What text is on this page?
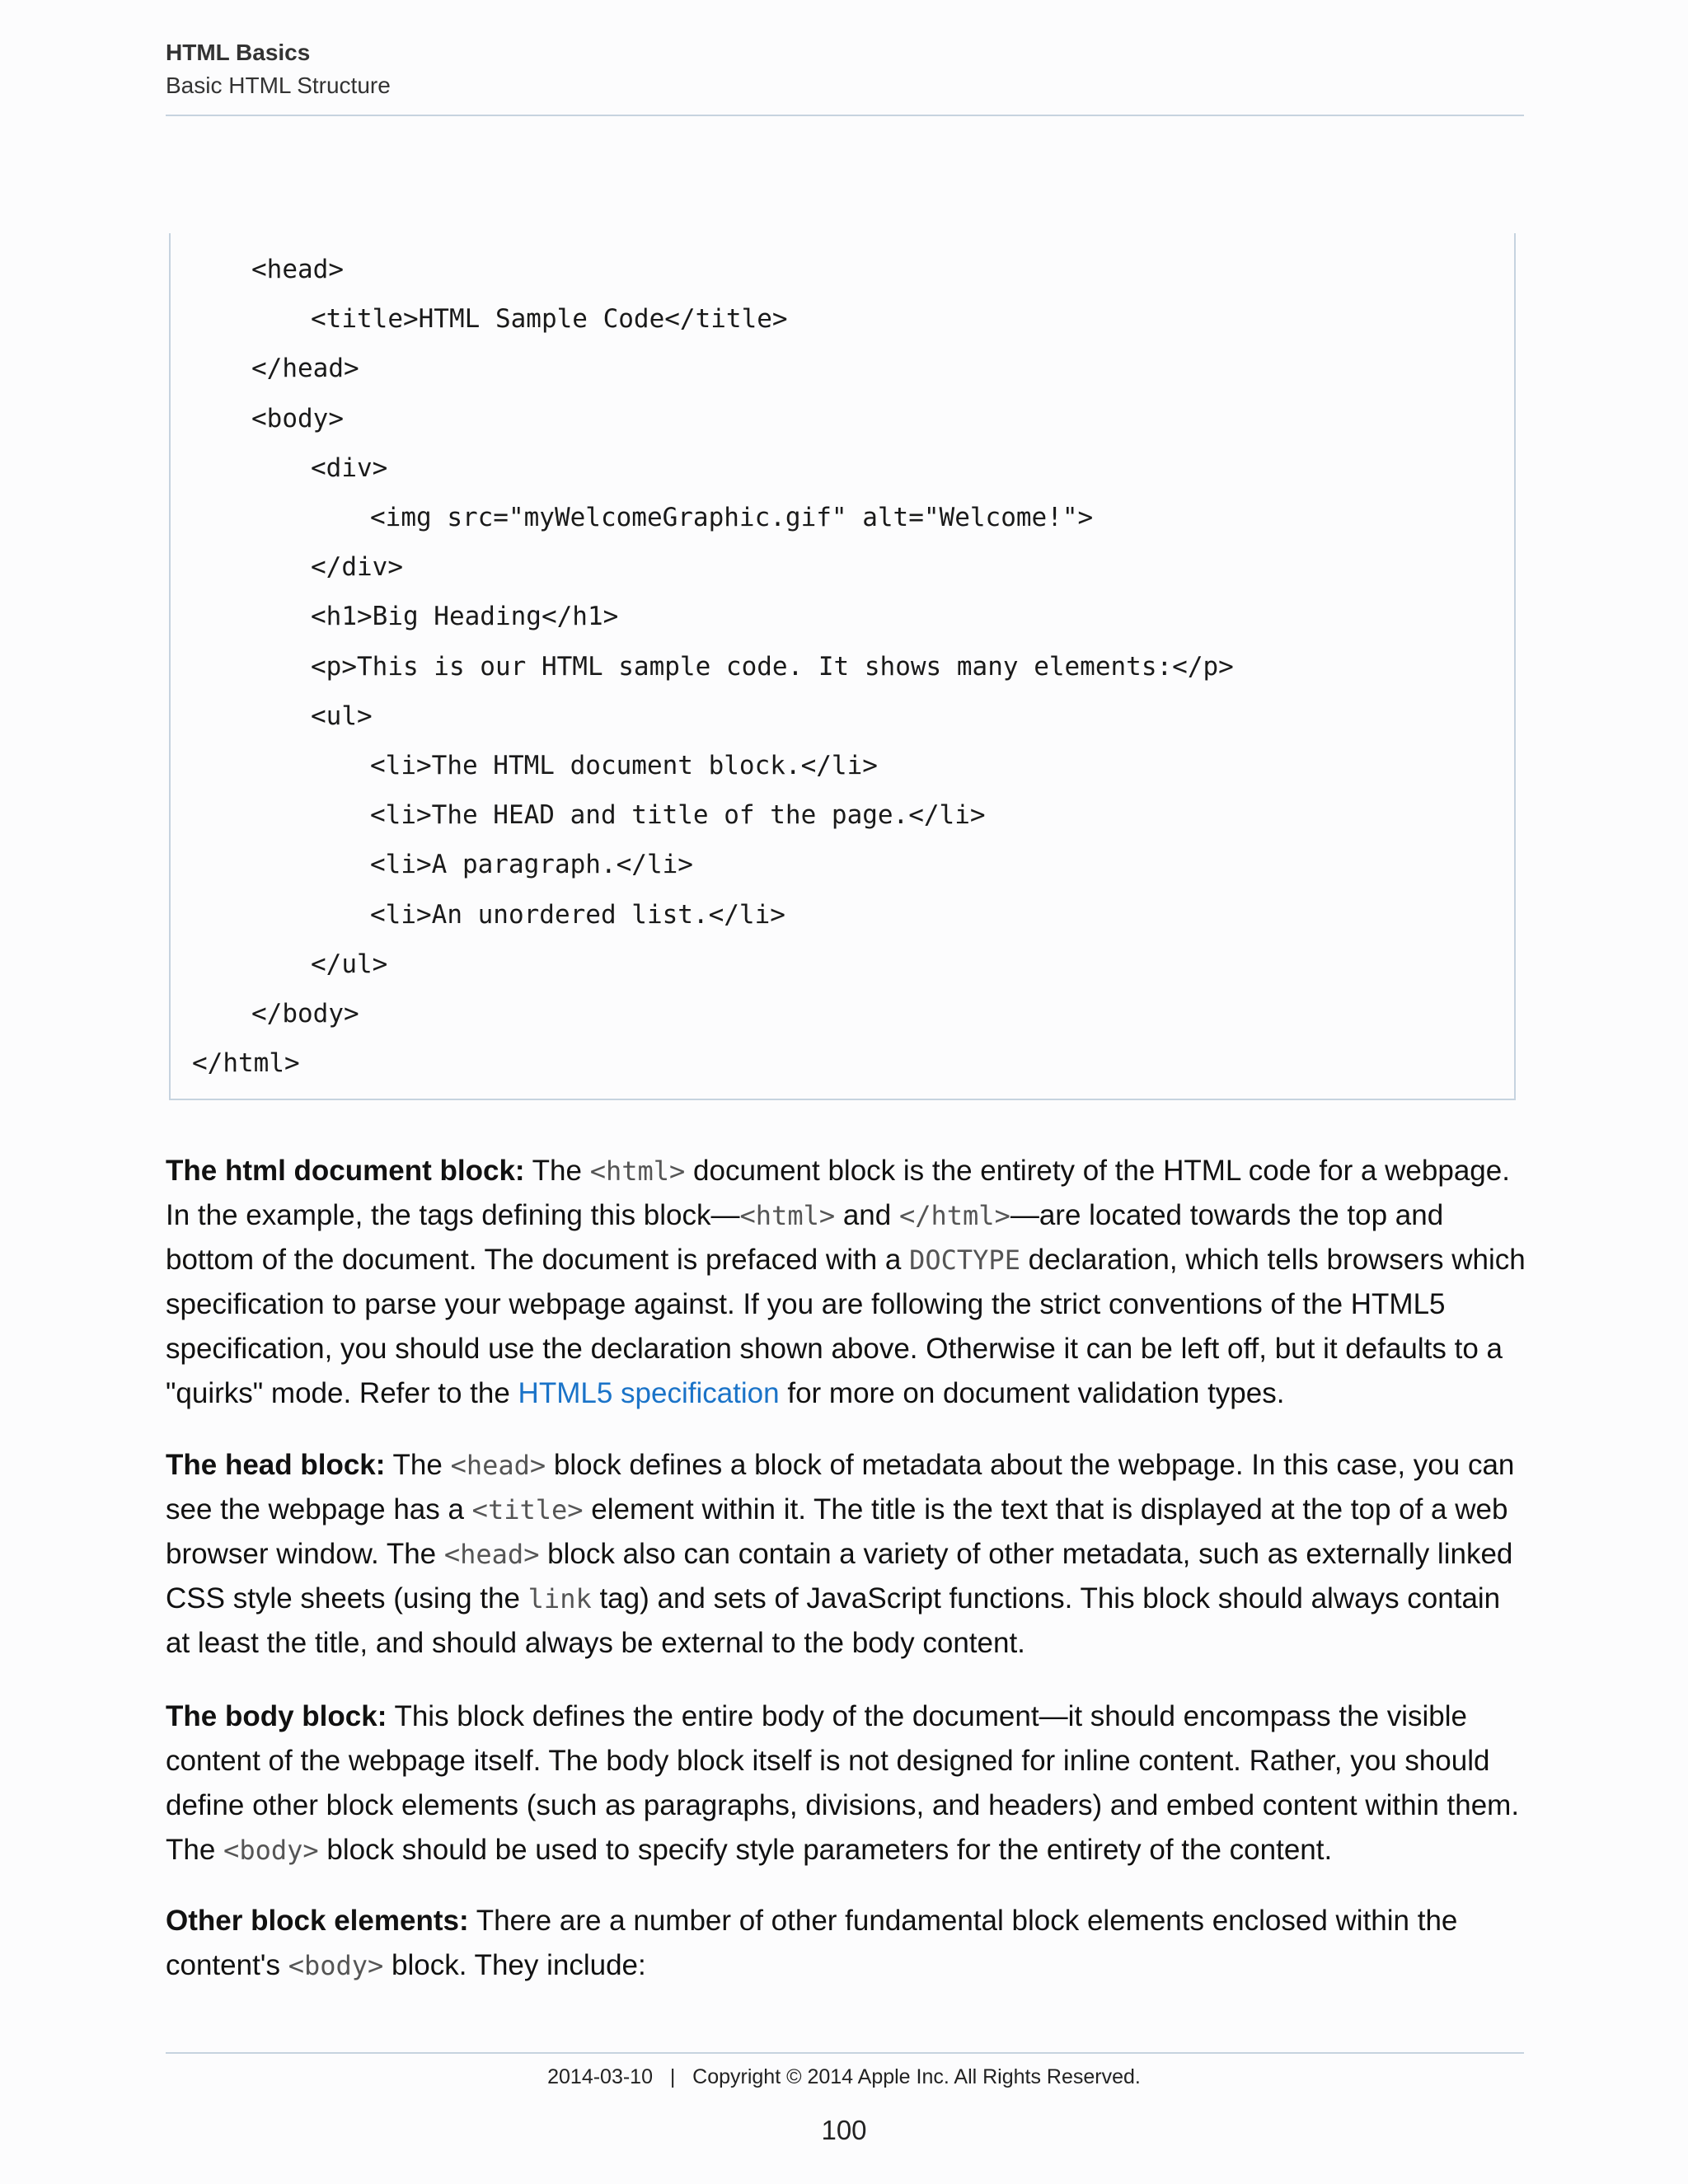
HTML Basics
Basic HTML Structure
<head>
<title>HTML Sample Code</title>
</head>
<body>
<div>
<img src="myWelcomeGraphic.gif" alt="Welcome!">
</div>
<h1>Big Heading</h1>
<p>This is our HTML sample code. It shows many elements:</p>
<ul>
<li>The HTML document block.</li>
<li>The HEAD and title of the page.</li>
<li>A paragraph.</li>
<li>An unordered list.</li>
</ul>
</body>
</html>
The html document block: The <html> document block is the entirety of the HTML code for a webpage. In the example, the tags defining this block—<html> and </html>—are located towards the top and bottom of the document. The document is prefaced with a DOCTYPE declaration, which tells browsers which specification to parse your webpage against. If you are following the strict conventions of the HTML5 specification, you should use the declaration shown above. Otherwise it can be left off, but it defaults to a "quirks" mode. Refer to the HTML5 specification for more on document validation types.
The head block: The <head> block defines a block of metadata about the webpage. In this case, you can see the webpage has a <title> element within it. The title is the text that is displayed at the top of a web browser window. The <head> block also can contain a variety of other metadata, such as externally linked CSS style sheets (using the link tag) and sets of JavaScript functions. This block should always contain at least the title, and should always be external to the body content.
The body block: This block defines the entire body of the document—it should encompass the visible content of the webpage itself. The body block itself is not designed for inline content. Rather, you should define other block elements (such as paragraphs, divisions, and headers) and embed content within them. The <body> block should be used to specify style parameters for the entirety of the content.
Other block elements: There are a number of other fundamental block elements enclosed within the content's <body> block. They include:
2014-03-10   |   Copyright © 2014 Apple Inc. All Rights Reserved.
100
